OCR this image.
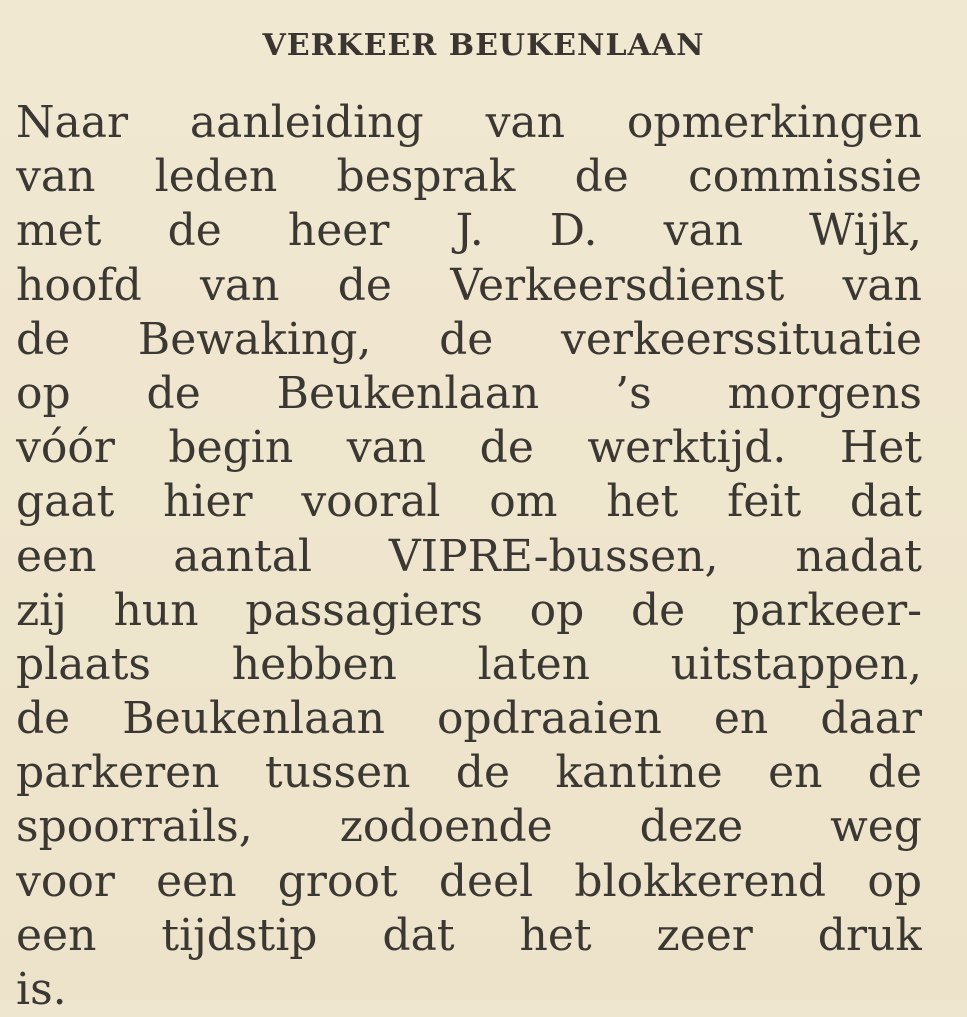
VERKEER BEUKENLAAN
Naar aanleiding van opmerkingen
van leden besprak de commissie
met de heer J. D. van Wijk,
hoofd van de Verkeersdienst van
de Bewaking, de verkeerssituatie
op de Beukenlaan ’s morgens
vóór begin van de werktijd. Het
gaat hier vooral om het feit dat
een aantal VIPRE-bussen, nadat
zij hun passagiers op de parkeer-
plaats hebben laten uitstappen,
de Beukenlaan opdraaien en daar
parkeren tussen de kantine en de
spoorrails, zodoende deze weg
voor een groot deel blokkerend op
een tijdstip dat het zeer druk
is.
